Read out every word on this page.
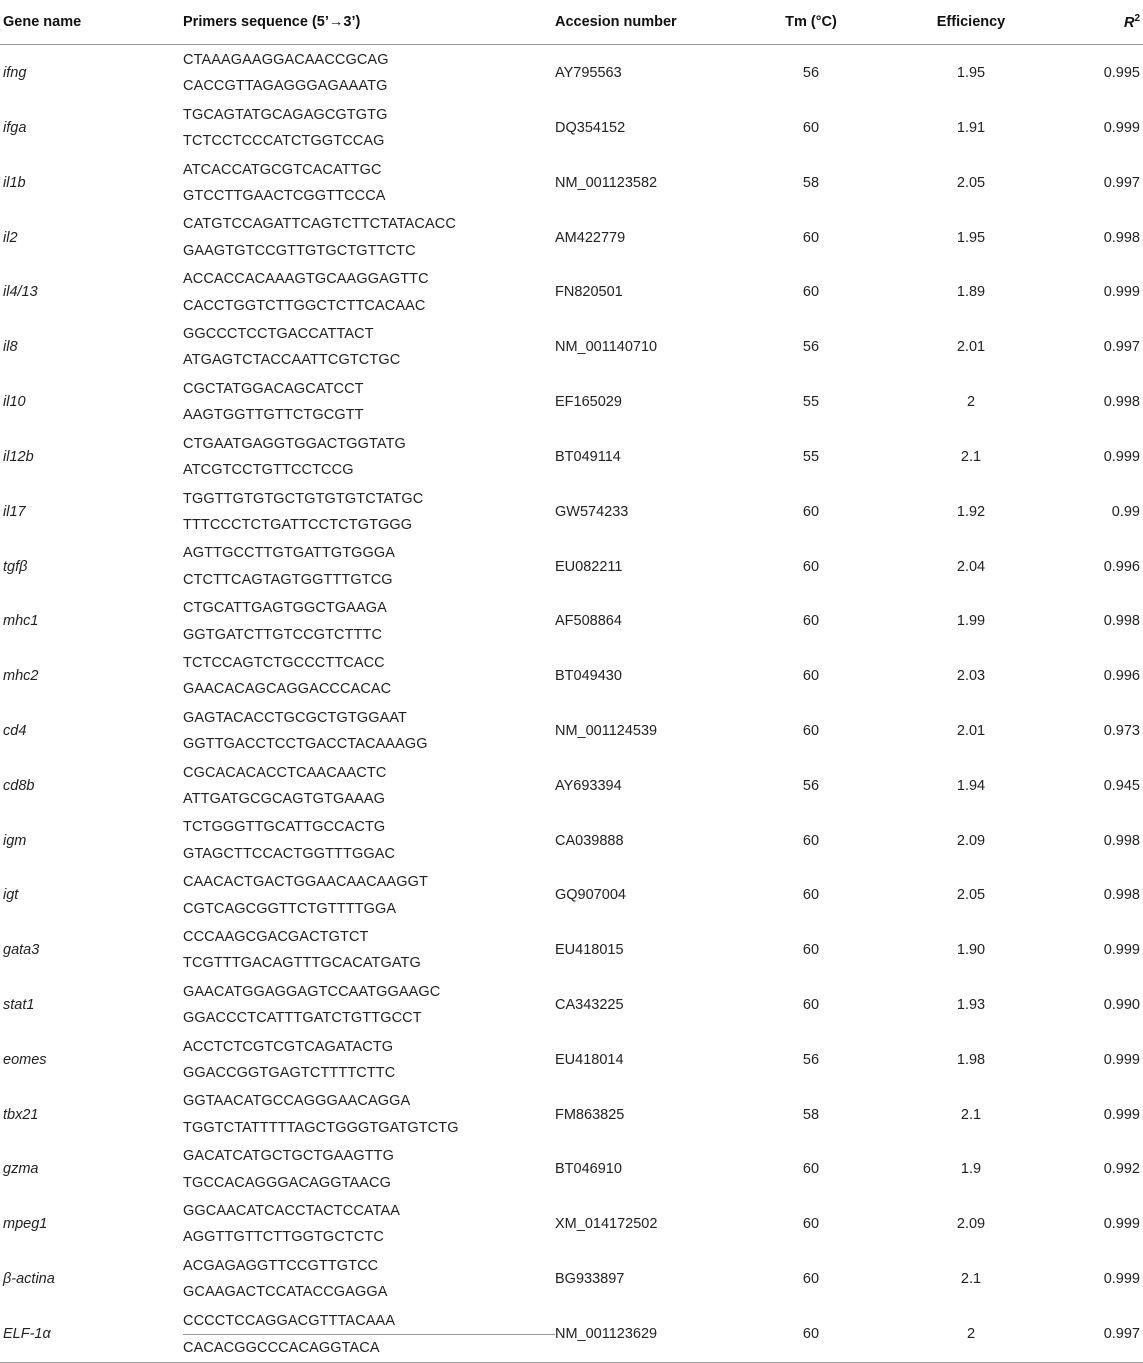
Gene name	Primers sequence (5’→3’)	Accesion number	Tm (°C)	Efficiency	$R^2$
ifng	CTAAAGAAGGACAACCGCAG	AY795563	56	1.95	0.995
	CACCGTTAGAGGGAGAAATG				
ifga	TGCAGTATGCAGAGCGTGTG	DQ354152	60	1.91	0.999
	TCTCCTCCCATCTGGTCCAG				
il1b	ATCACCATGCGTCACATTGC	NM_001123582	58	2.05	0.997
	GTCCTTGAACTCGGTTCCCA				
il2	CATGTCCAGATTCAGTCTTCTATACACC	AM422779	60	1.95	0.998
	GAAGTGTCCGTTGTGCTGTTCTC				
il4/13	ACCACCACAAAGTGCAAGGAGTTC	FN820501	60	1.89	0.999
	CACCTGGTCTTGGCTCTTCACAAC				
il8	GGCCCTCCTGACCATTACT	NM_001140710	56	2.01	0.997
	ATGAGTCTACCAATTCGTCTGC				
il10	CGCTATGGACAGCATCCT	EF165029	55	2	0.998
	AAGTGGTTGTTCTGCGTT				
il12b	CTGAATGAGGTGGACTGGTATG	BT049114	55	2.1	0.999
	ATCGTCCTGTTCCTCCG				
il17	TGGTTGTGTGCTGTGTGTCTATGC	GW574233	60	1.92	0.99
	TTTCCCTCTGATTCCTCTGTGGG				
tgfβ	AGTTGCCTTGTGATTGTGGGA	EU082211	60	2.04	0.996
	CTCTTCAGTAGTGGTTTGTCG				
mhc1	CTGCATTGAGTGGCTGAAGA	AF508864	60	1.99	0.998
	GGTGATCTTGTCCGTCTTTC				
mhc2	TCTCCAGTCTGCCCTTCACC	BT049430	60	2.03	0.996
	GAACACAGCAGGACCCACAC				
cd4	GAGTACACCTGCGCTGTGGAAT	NM_001124539	60	2.01	0.973
	GGTTGACCTCCTGACCTACAAAGG				
cd8b	CGCACACACCTCAACAACTC	AY693394	56	1.94	0.945
	ATTGATGCGCAGTGTGAAAG				
igm	TCTGGGTTGCATTGCCACTG	CA039888	60	2.09	0.998
	GTAGCTTCCACTGGTTTGGAC				
igt	CAACACTGACTGGAACAACAAGGT	GQ907004	60	2.05	0.998
	CGTCAGCGGTTCTGTTTTGGA				
gata3	CCCAAGCGACGACTGTCT	EU418015	60	1.90	0.999
	TCGTTTGACAGTTTGCACATGATG				
stat1	GAACATGGAGGAGTCCAATGGAAGC	CA343225	60	1.93	0.990
	GGACCCTCATTTGATCTGTTGCCT				
eomes	ACCTCTCGTCGTCAGATACTG	EU418014	56	1.98	0.999
	GGACCGGTGAGTCTTTTCTTC				
tbx21	GGTAACATGCCAGGGAACAGGA	FM863825	58	2.1	0.999
	TGGTCTATTTTTAGCTGGGTGATGTCTG				
gzma	GACATCATGCTGCTGAAGTTG	BT046910	60	1.9	0.992
	TGCCACAGGGACAGGTAACG				
mpeg1	GGCAACATCACCTACTCCATAA	XM_014172502	60	2.09	0.999
	AGGTTGTTCTTGGTGCTCTC				
β-actina	ACGAGAGGTTCCGTTGTCC	BG933897	60	2.1	0.999
	GCAAGACTCCATACCGAGGA				
ELF-1α	CCCCTCCAGGACGTTTACAAA	NM_001123629	60	2	0.997
	CACACGGCCCACAGGTACA				
